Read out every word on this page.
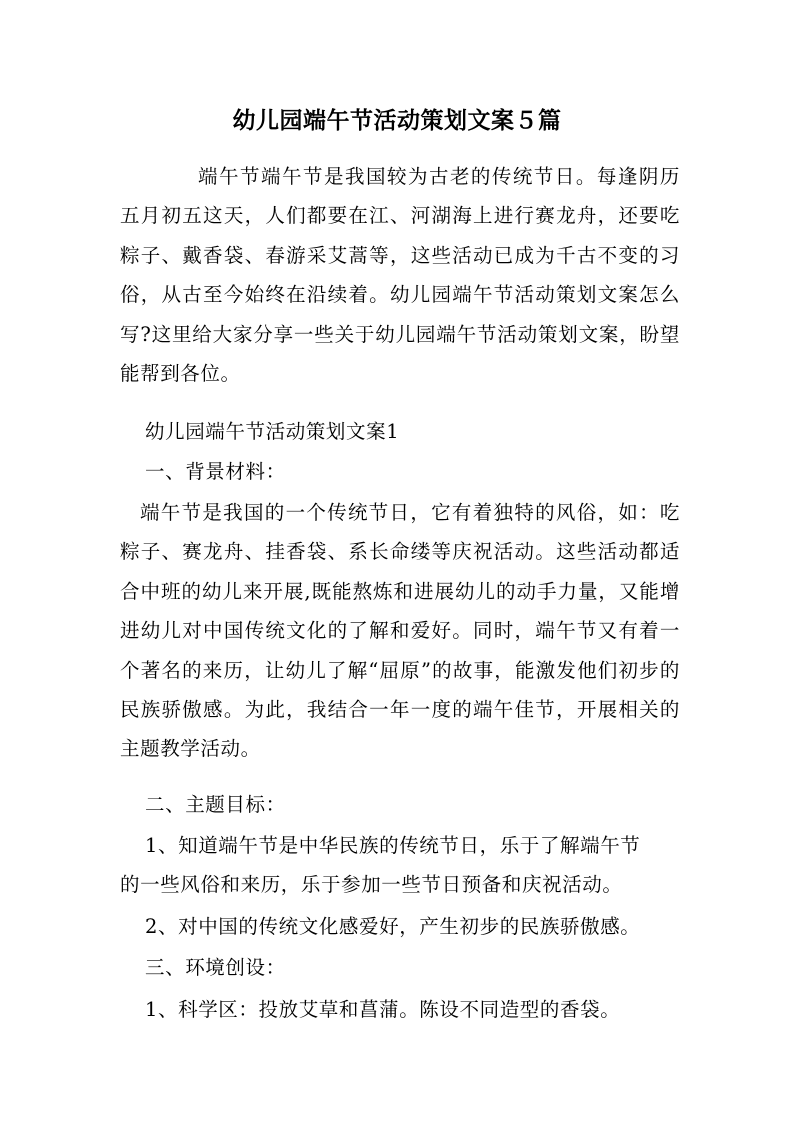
幼儿园端午节活动策划文案５篇

端午节端午节是我国较为古老的传统节日。每逢阴历五月初五这天，人们都要在江、河湖海上进行赛龙舟，还要吃粽子、戴香袋、春游采艾蒿等，这些活动已成为千古不变的习俗，从古至今始终在沿续着。幼儿园端午节活动策划文案怎么写?这里给大家分享一些关于幼儿园端午节活动策划文案，盼望能帮到各位。

幼儿园端午节活动策划文案1

一、背景材料：

端午节是我国的一个传统节日，它有着独特的风俗，如：吃粽子、赛龙舟、挂香袋、系长命缕等庆祝活动。这些活动都适合中班的幼儿来开展,既能熬炼和进展幼儿的动手力量，又能增进幼儿对中国传统文化的了解和爱好。同时，端午节又有着一个著名的来历，让幼儿了解“屈原”的故事，能激发他们初步的民族骄傲感。为此，我结合一年一度的端午佳节，开展相关的主题教学活动。

二、主题目标：

1、知道端午节是中华民族的传统节日，乐于了解端午节

的一些风俗和来历，乐于参加一些节日预备和庆祝活动。

2、对中国的传统文化感爱好，产生初步的民族骄傲感。

三、环境创设：

1、科学区：投放艾草和菖蒲。陈设不同造型的香袋。
